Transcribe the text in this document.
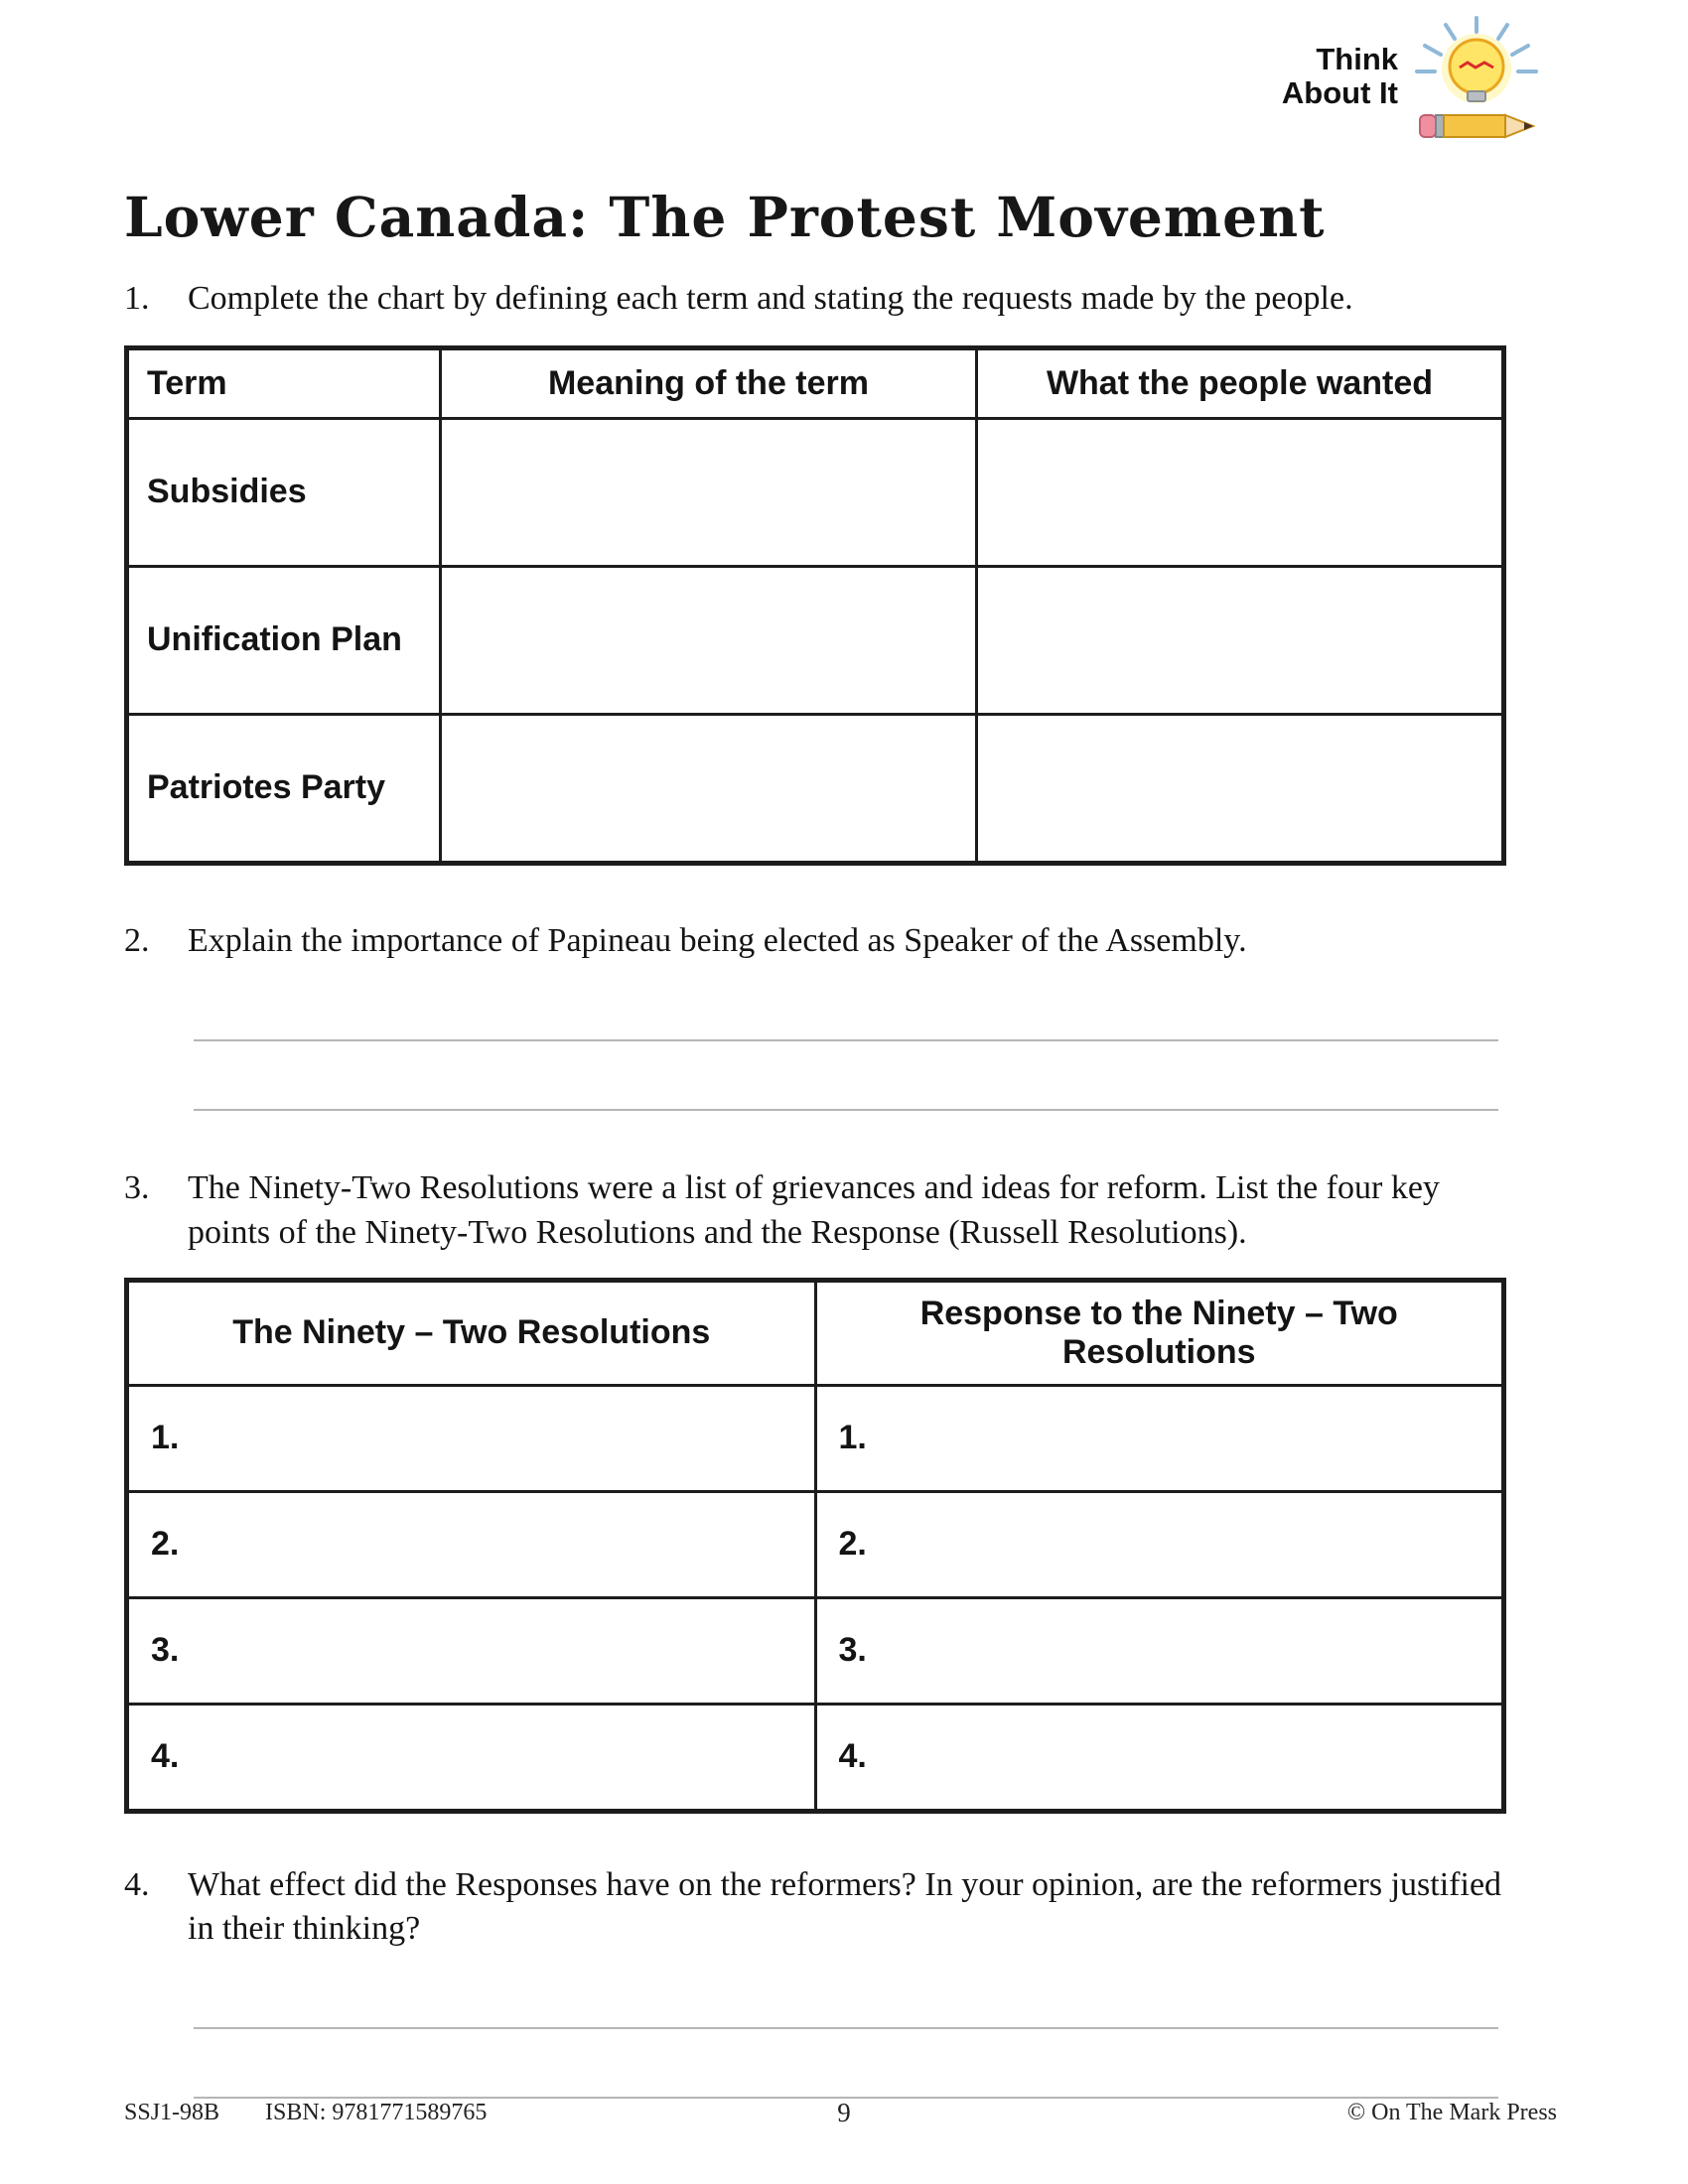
Think
About It
Lower Canada: The Protest Movement
1.	Complete the chart by defining each term and stating the requests made by the people.
Term	Meaning of the term	What the people wanted
Subsidies		
Unification Plan		
Patriotes Party		
2.	Explain the importance of Papineau being elected as Speaker of the Assembly.
3.	The Ninety-Two Resolutions were a list of grievances and ideas for reform. List the four key points of the Ninety-Two Resolutions and the Response (Russell Resolutions).
The Ninety – Two Resolutions	Response to the Ninety – Two Resolutions
1.	1.
2.	2.
3.	3.
4.	4.
4.	What effect did the Responses have on the reformers? In your opinion, are the reformers justified in their thinking?
SSJ1-98B ISBN: 9781771589765	9	© On The Mark Press
